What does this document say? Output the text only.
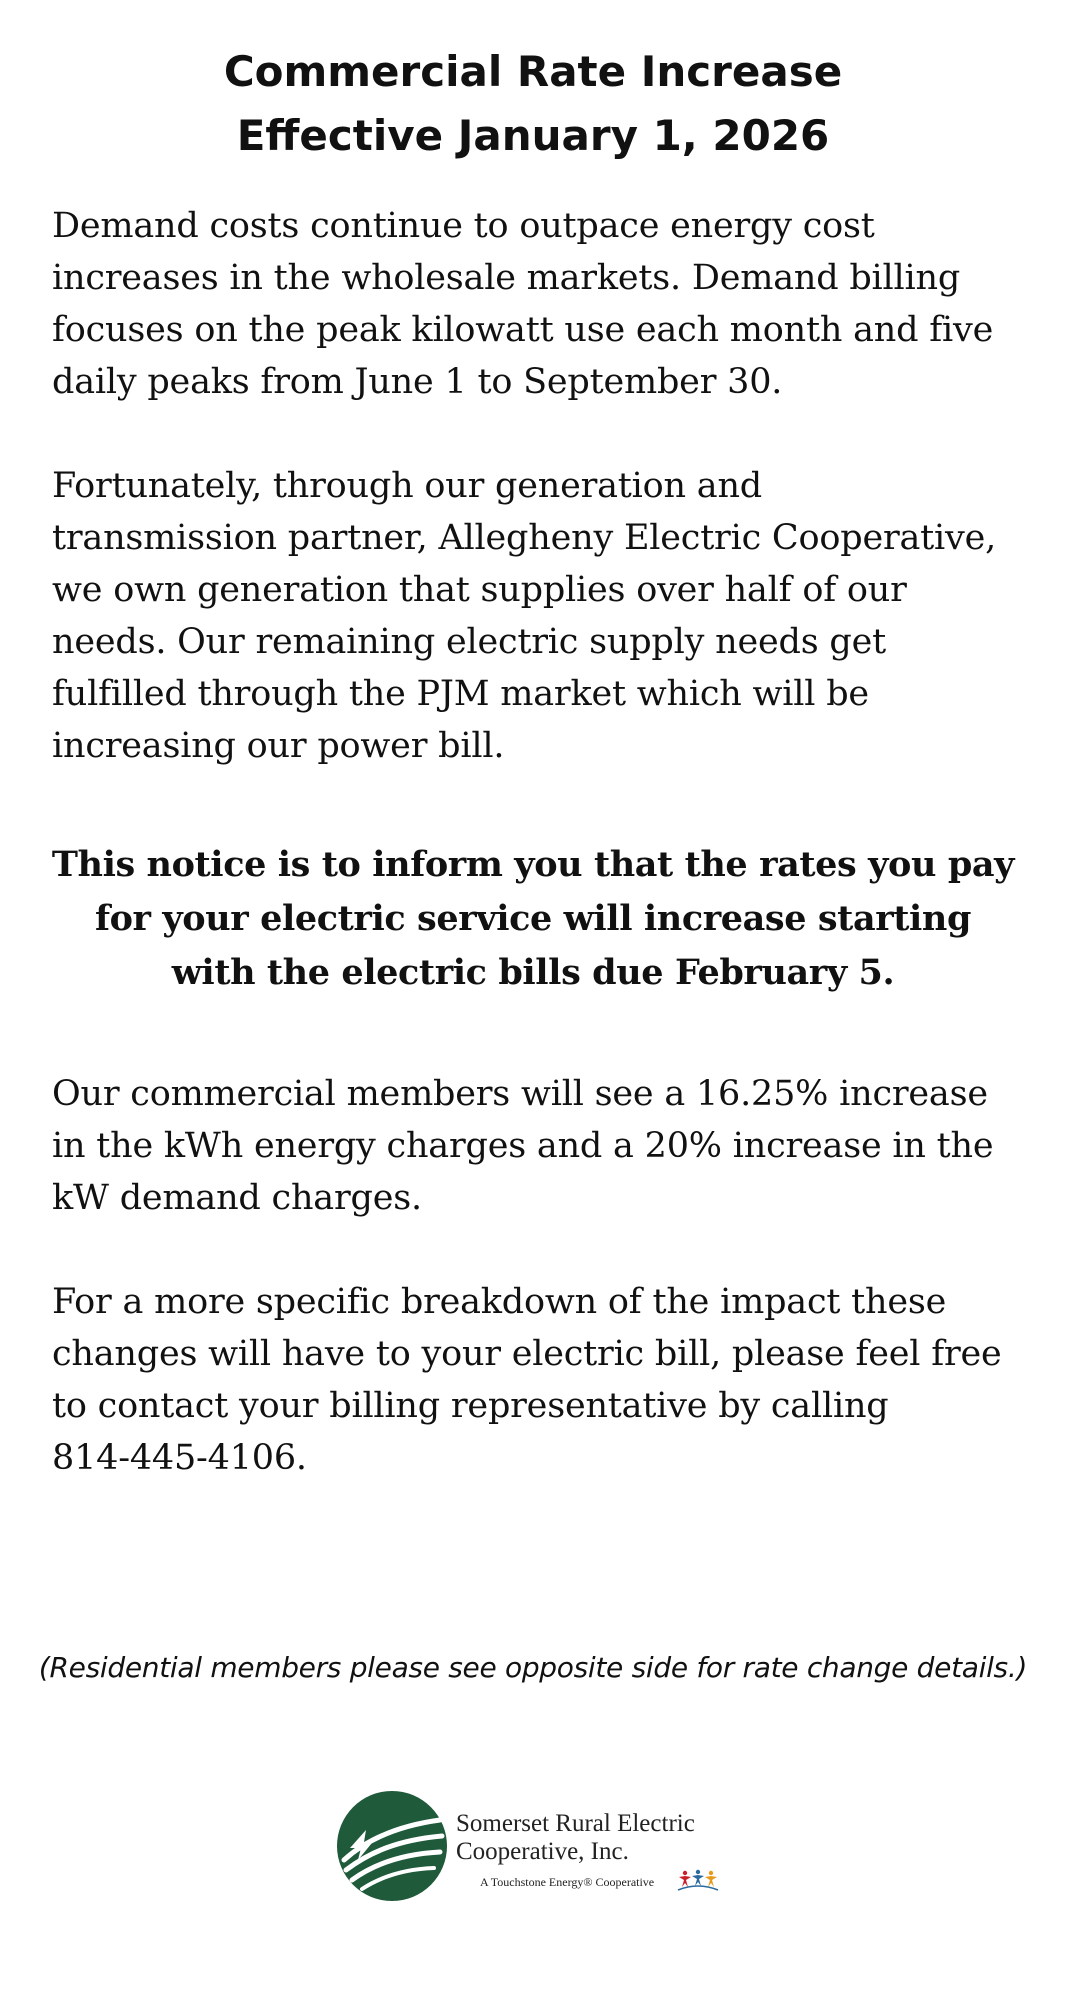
Commercial Rate Increase
Effective January 1, 2026

Demand costs continue to outpace energy cost
increases in the wholesale markets. Demand billing
focuses on the peak kilowatt use each month and five
daily peaks from June 1 to September 30.

Fortunately, through our generation and
transmission partner, Allegheny Electric Cooperative,
we own generation that supplies over half of our
needs. Our remaining electric supply needs get
fulfilled through the PJM market which will be
increasing our power bill.

This notice is to inform you that the rates you pay
for your electric service will increase starting
with the electric bills due February 5.

Our commercial members will see a 16.25% increase
in the kWh energy charges and a 20% increase in the
kW demand charges.

For a more specific breakdown of the impact these
changes will have to your electric bill, please feel free
to contact your billing representative by calling
814-445-4106.

(Residential members please see opposite side for rate change details.)

Somerset Rural Electric
Cooperative, Inc.
A Touchstone Energy® Cooperative
